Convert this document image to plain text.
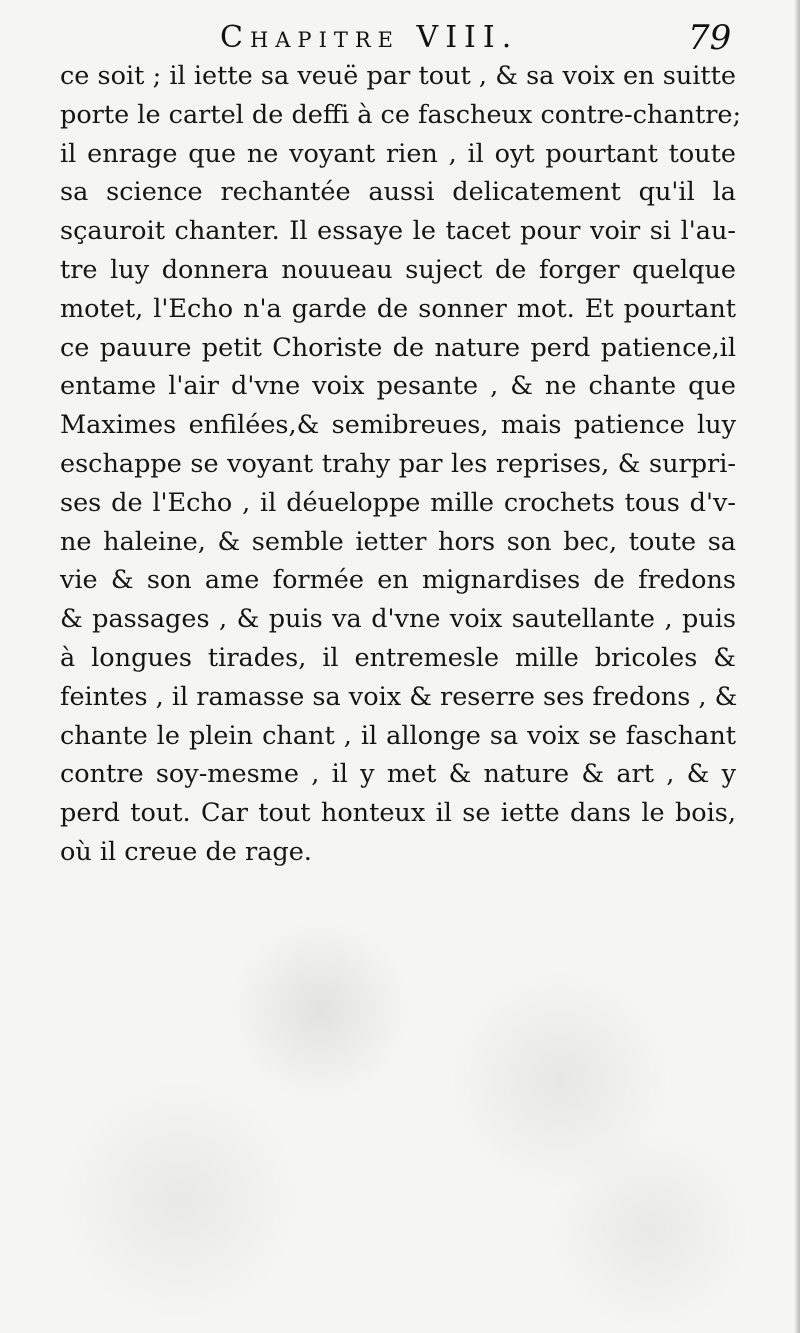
Chapitre VIII.	79
ce soit ; il iette sa veuë par tout , & sa voix en suitte
porte le cartel de deffi à ce fascheux contre-chantre;
il enrage que ne voyant rien , il oyt pourtant toute
sa science rechantée aussi delicatement qu'il la
sçauroit chanter. Il essaye le tacet pour voir si l'au-
tre luy donnera nouueau suject de forger quelque
motet, l'Echo n'a garde de sonner mot. Et pourtant
ce pauure petit Choriste de nature perd patience,il
entame l'air d'vne voix pesante , & ne chante que
Maximes enfilées,& semibreues, mais patience luy
eschappe se voyant trahy par les reprises, & surpri-
ses de l'Echo , il déueloppe mille crochets tous d'v-
ne haleine, & semble ietter hors son bec, toute sa
vie & son ame formée en mignardises de fredons
& passages , & puis va d'vne voix sautellante , puis
à longues tirades, il entremesle mille bricoles &
feintes , il ramasse sa voix & reserre ses fredons , &
chante le plein chant , il allonge sa voix se faschant
contre soy-mesme , il y met & nature & art , & y
perd tout. Car tout honteux il se iette dans le bois,
où il creue de rage.
